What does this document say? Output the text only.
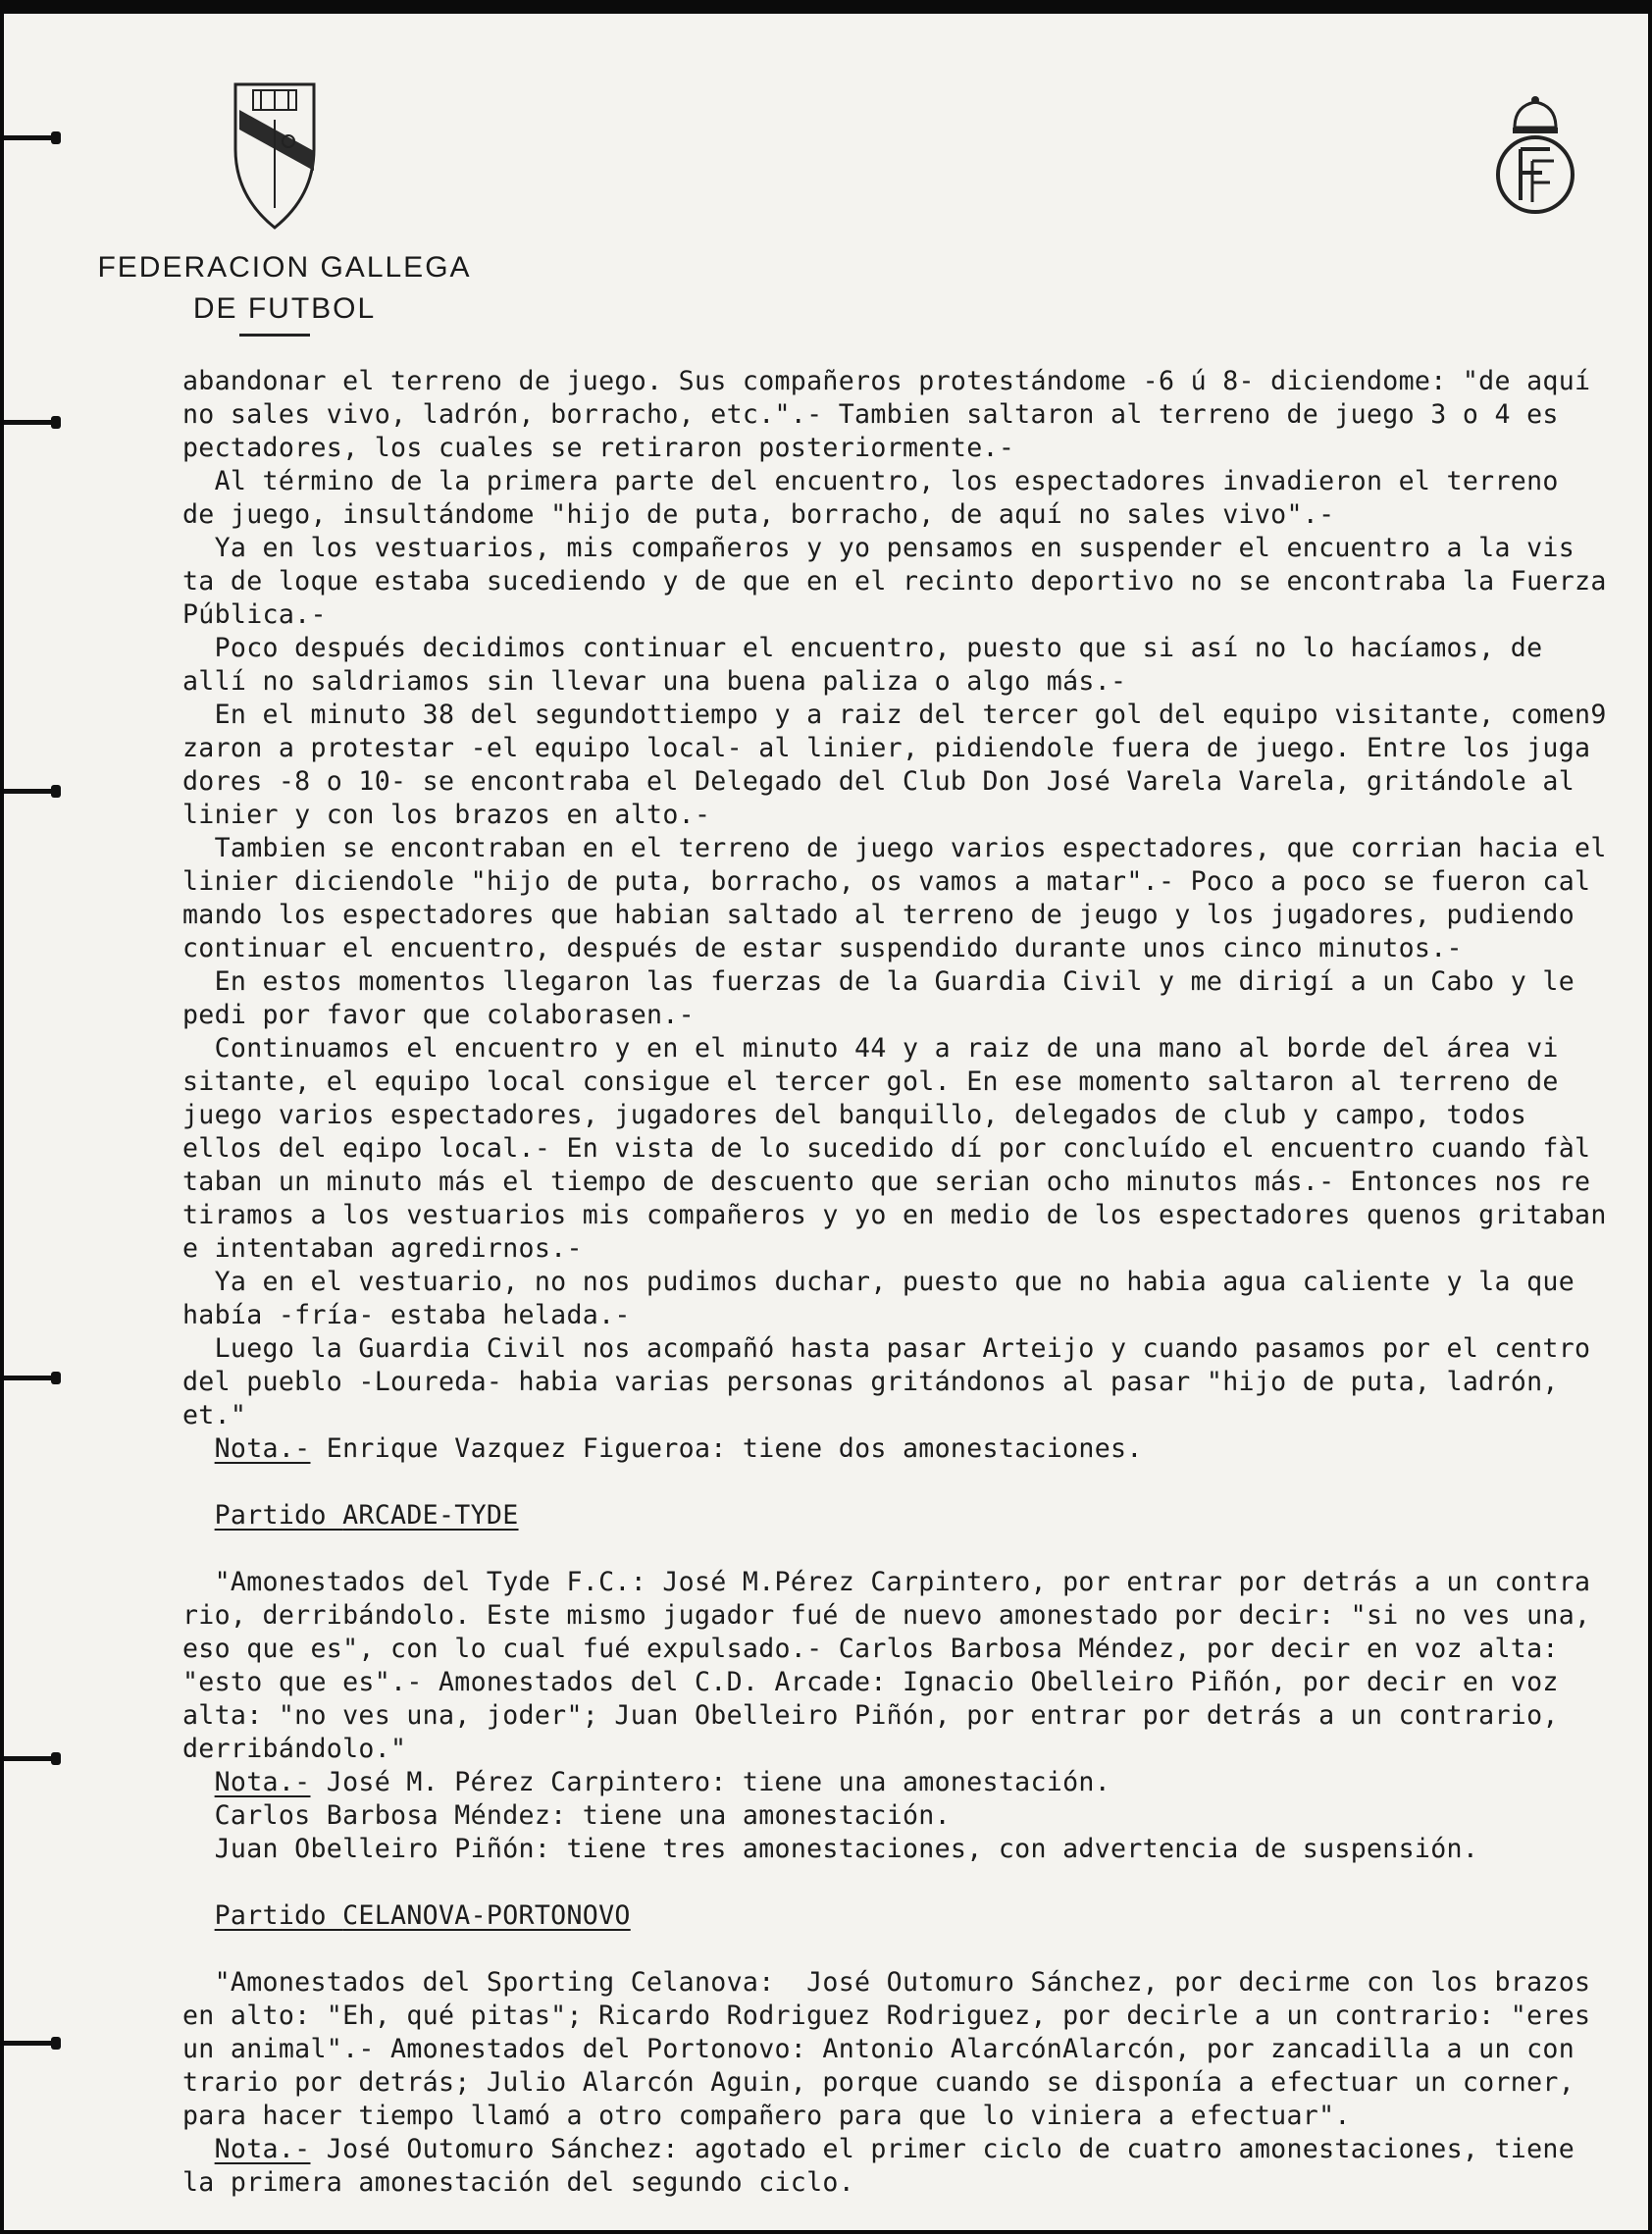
FEDERACION GALLEGA
DE FUTBOL
abandonar el terreno de juego. Sus compañeros protestándome -6 ú 8- diciendome: "de aquí
no sales vivo, ladrón, borracho, etc.".- Tambien saltaron al terreno de juego 3 o 4 es
pectadores, los cuales se retiraron posteriormente.-
Al término de la primera parte del encuentro, los espectadores invadieron el terreno
de juego, insultándome "hijo de puta, borracho, de aquí no sales vivo".-
Ya en los vestuarios, mis compañeros y yo pensamos en suspender el encuentro a la vis
ta de loque estaba sucediendo y de que en el recinto deportivo no se encontraba la Fuerza
Pública.-
Poco después decidimos continuar el encuentro, puesto que si así no lo hacíamos, de
allí no saldriamos sin llevar una buena paliza o algo más.-
En el minuto 38 del segundottiempo y a raiz del tercer gol del equipo visitante, comen9
zaron a protestar -el equipo local- al linier, pidiendole fuera de juego. Entre los juga
dores -8 o 10- se encontraba el Delegado del Club Don José Varela Varela, gritándole al
linier y con los brazos en alto.-
Tambien se encontraban en el terreno de juego varios espectadores, que corrian hacia el
linier diciendole "hijo de puta, borracho, os vamos a matar".- Poco a poco se fueron cal
mando los espectadores que habian saltado al terreno de jeugo y los jugadores, pudiendo
continuar el encuentro, después de estar suspendido durante unos cinco minutos.-
En estos momentos llegaron las fuerzas de la Guardia Civil y me dirigí a un Cabo y le
pedi por favor que colaborasen.-
Continuamos el encuentro y en el minuto 44 y a raiz de una mano al borde del área vi
sitante, el equipo local consigue el tercer gol. En ese momento saltaron al terreno de
juego varios espectadores, jugadores del banquillo, delegados de club y campo, todos
ellos del eqipo local.- En vista de lo sucedido dí por concluído el encuentro cuando fàl
taban un minuto más el tiempo de descuento que serian ocho minutos más.- Entonces nos re
tiramos a los vestuarios mis compañeros y yo en medio de los espectadores quenos gritaban
e intentaban agredirnos.-
Ya en el vestuario, no nos pudimos duchar, puesto que no habia agua caliente y la que
había -fría- estaba helada.-
Luego la Guardia Civil nos acompañó hasta pasar Arteijo y cuando pasamos por el centro
del pueblo -Loureda- habia varias personas gritándonos al pasar "hijo de puta, ladrón,
et."
Nota.- Enrique Vazquez Figueroa: tiene dos amonestaciones.
Partido ARCADE-TYDE
"Amonestados del Tyde F.C.: José M.Pérez Carpintero, por entrar por detrás a un contra
rio, derribándolo. Este mismo jugador fué de nuevo amonestado por decir: "si no ves una,
eso que es", con lo cual fué expulsado.- Carlos Barbosa Méndez, por decir en voz alta:
"esto que es".- Amonestados del C.D. Arcade: Ignacio Obelleiro Piñón, por decir en voz
alta: "no ves una, joder"; Juan Obelleiro Piñón, por entrar por detrás a un contrario,
derribándolo."
Nota.- José M. Pérez Carpintero: tiene una amonestación.
Carlos Barbosa Méndez: tiene una amonestación.
Juan Obelleiro Piñón: tiene tres amonestaciones, con advertencia de suspensión.
Partido CELANOVA-PORTONOVO
"Amonestados del Sporting Celanova:  José Outomuro Sánchez, por decirme con los brazos
en alto: "Eh, qué pitas"; Ricardo Rodriguez Rodriguez, por decirle a un contrario: "eres
un animal".- Amonestados del Portonovo: Antonio AlarcónAlarcón, por zancadilla a un con
trario por detrás; Julio Alarcón Aguin, porque cuando se disponía a efectuar un corner,
para hacer tiempo llamó a otro compañero para que lo viniera a efectuar".
Nota.- José Outomuro Sánchez: agotado el primer ciclo de cuatro amonestaciones, tiene
la primera amonestación del segundo ciclo.
